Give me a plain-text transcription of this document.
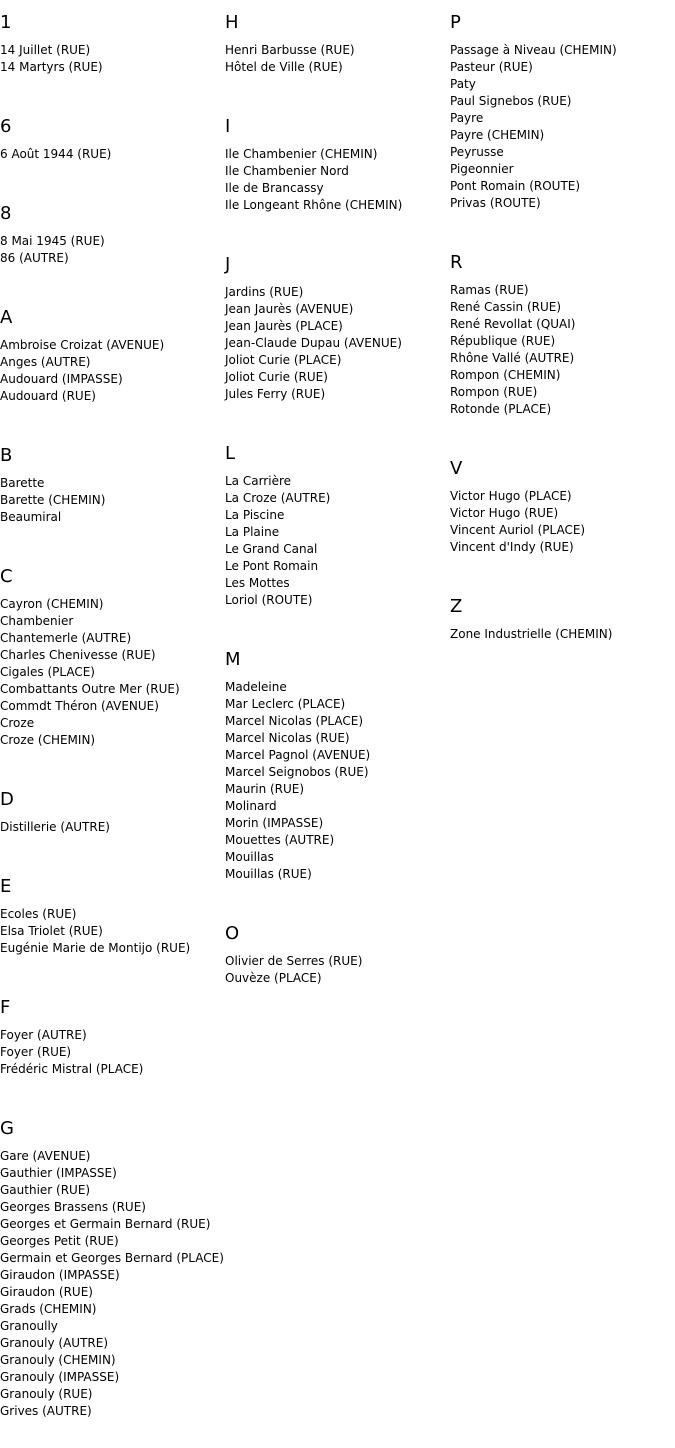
1
14 Juillet (RUE)
14 Martyrs (RUE)
6
6 Août 1944 (RUE)
8
8 Mai 1945 (RUE)
86 (AUTRE)
A
Ambroise Croizat (AVENUE)
Anges (AUTRE)
Audouard (IMPASSE)
Audouard (RUE)
B
Barette
Barette (CHEMIN)
Beaumiral
C
Cayron (CHEMIN)
Chambenier
Chantemerle (AUTRE)
Charles Chenivesse (RUE)
Cigales (PLACE)
Combattants Outre Mer (RUE)
Commdt Théron (AVENUE)
Croze
Croze (CHEMIN)
D
Distillerie (AUTRE)
E
Ecoles (RUE)
Elsa Triolet (RUE)
Eugénie Marie de Montijo (RUE)
F
Foyer (AUTRE)
Foyer (RUE)
Frédéric Mistral (PLACE)
G
Gare (AVENUE)
Gauthier (IMPASSE)
Gauthier (RUE)
Georges Brassens (RUE)
Georges et Germain Bernard (RUE)
Georges Petit (RUE)
Germain et Georges Bernard (PLACE)
Giraudon (IMPASSE)
Giraudon (RUE)
Grads (CHEMIN)
Granoully
Granouly (AUTRE)
Granouly (CHEMIN)
Granouly (IMPASSE)
Granouly (RUE)
Grives (AUTRE)
H
Henri Barbusse (RUE)
Hôtel de Ville (RUE)
I
Ile Chambenier (CHEMIN)
Ile Chambenier Nord
Ile de Brancassy
Ile Longeant Rhône (CHEMIN)
J
Jardins (RUE)
Jean Jaurès (AVENUE)
Jean Jaurès (PLACE)
Jean-Claude Dupau (AVENUE)
Joliot Curie (PLACE)
Joliot Curie (RUE)
Jules Ferry (RUE)
L
La Carrière
La Croze (AUTRE)
La Piscine
La Plaine
Le Grand Canal
Le Pont Romain
Les Mottes
Loriol (ROUTE)
M
Madeleine
Mar Leclerc (PLACE)
Marcel Nicolas (PLACE)
Marcel Nicolas (RUE)
Marcel Pagnol (AVENUE)
Marcel Seignobos (RUE)
Maurin (RUE)
Molinard
Morin (IMPASSE)
Mouettes (AUTRE)
Mouillas
Mouillas (RUE)
O
Olivier de Serres (RUE)
Ouvèze (PLACE)
P
Passage à Niveau (CHEMIN)
Pasteur (RUE)
Paty
Paul Signebos (RUE)
Payre
Payre (CHEMIN)
Peyrusse
Pigeonnier
Pont Romain (ROUTE)
Privas (ROUTE)
R
Ramas (RUE)
René Cassin (RUE)
René Revollat (QUAI)
République (RUE)
Rhône Vallé (AUTRE)
Rompon (CHEMIN)
Rompon (RUE)
Rotonde (PLACE)
V
Victor Hugo (PLACE)
Victor Hugo (RUE)
Vincent Auriol (PLACE)
Vincent d'Indy (RUE)
Z
Zone Industrielle (CHEMIN)
